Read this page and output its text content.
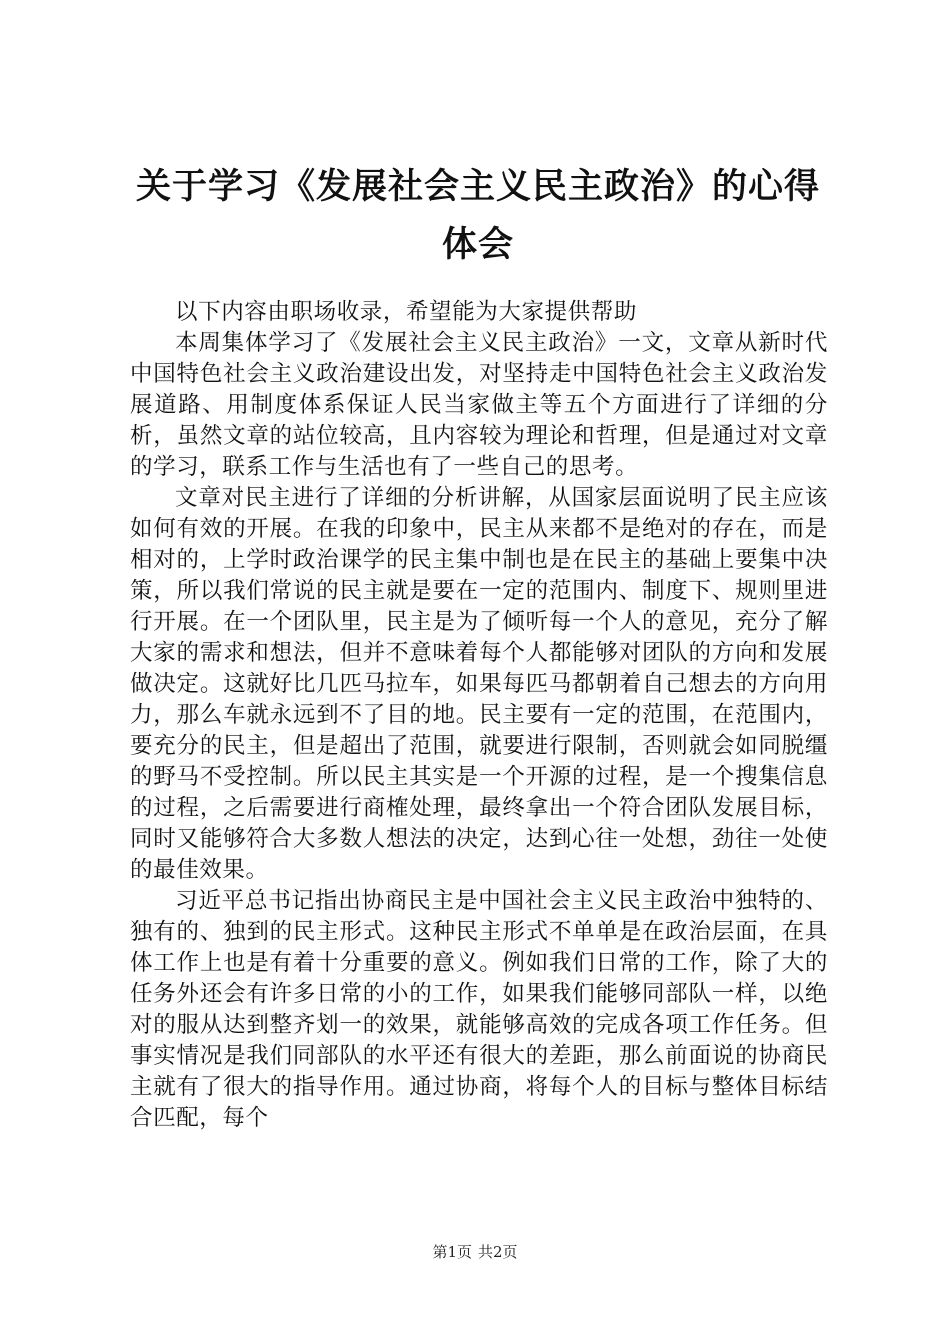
关于学习《发展社会主义民主政治》的心得体会

以下内容由职场收录，希望能为大家提供帮助

本周集体学习了《发展社会主义民主政治》一文，文章从新时代中国特色社会主义政治建设出发，对坚持走中国特色社会主义政治发展道路、用制度体系保证人民当家做主等五个方面进行了详细的分析，虽然文章的站位较高，且内容较为理论和哲理，但是通过对文章的学习，联系工作与生活也有了一些自己的思考。

文章对民主进行了详细的分析讲解，从国家层面说明了民主应该如何有效的开展。在我的印象中，民主从来都不是绝对的存在，而是相对的，上学时政治课学的民主集中制也是在民主的基础上要集中决策，所以我们常说的民主就是要在一定的范围内、制度下、规则里进行开展。在一个团队里，民主是为了倾听每一个人的意见，充分了解大家的需求和想法，但并不意味着每个人都能够对团队的方向和发展做决定。这就好比几匹马拉车，如果每匹马都朝着自己想去的方向用力，那么车就永远到不了目的地。民主要有一定的范围，在范围内，要充分的民主，但是超出了范围，就要进行限制，否则就会如同脱缰的野马不受控制。所以民主其实是一个开源的过程，是一个搜集信息的过程，之后需要进行商榷处理，最终拿出一个符合团队发展目标，同时又能够符合大多数人想法的决定，达到心往一处想，劲往一处使的最佳效果。

习近平总书记指出协商民主是中国社会主义民主政治中独特的、独有的、独到的民主形式。这种民主形式不单单是在政治层面，在具体工作上也是有着十分重要的意义。例如我们日常的工作，除了大的任务外还会有许多日常的小的工作，如果我们能够同部队一样，以绝对的服从达到整齐划一的效果，就能够高效的完成各项工作任务。但事实情况是我们同部队的水平还有很大的差距，那么前面说的协商民主就有了很大的指导作用。通过协商，将每个人的目标与整体目标结合匹配，每个

第1页 共2页
